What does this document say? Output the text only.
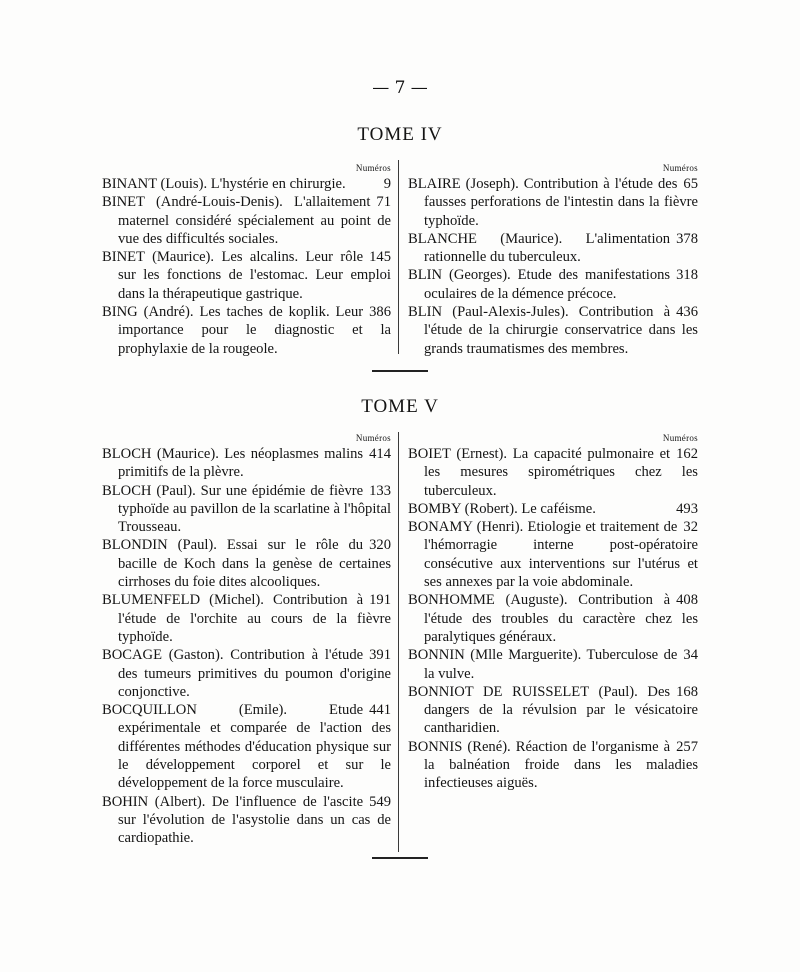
— 7 —
TOME IV
Numéros
9
BINANT (Louis). L'hystérie en chirurgie.
71
BINET (André-Louis-Denis). L'allaitement maternel considéré spécialement au point de vue des difficultés sociales.
145
BINET (Maurice). Les alcalins. Leur rôle sur les fonctions de l'estomac. Leur emploi dans la thérapeutique gastrique.
386
BING (André). Les taches de koplik. Leur importance pour le diagnostic et la prophylaxie de la rougeole.
Numéros
65
BLAIRE (Joseph). Contribution à l'étude des fausses perforations de l'intestin dans la fièvre typhoïde.
378
BLANCHE (Maurice). L'alimentation rationnelle du tuberculeux.
318
BLIN (Georges). Etude des manifestations oculaires de la démence précoce.
436
BLIN (Paul-Alexis-Jules). Contribution à l'étude de la chirurgie conservatrice dans les grands traumatismes des membres.
TOME V
Numéros
414
BLOCH (Maurice). Les néoplasmes malins primitifs de la plèvre.
133
BLOCH (Paul). Sur une épidémie de fièvre typhoïde au pavillon de la scarlatine à l'hôpital Trousseau.
320
BLONDIN (Paul). Essai sur le rôle du bacille de Koch dans la genèse de certaines cirrhoses du foie dites alcooliques.
191
BLUMENFELD (Michel). Contribution à l'étude de l'orchite au cours de la fièvre typhoïde.
391
BOCAGE (Gaston). Contribution à l'étude des tumeurs primitives du poumon d'origine conjonctive.
441
BOCQUILLON (Emile). Etude expérimentale et comparée de l'action des différentes méthodes d'éducation physique sur le développement corporel et sur le développement de la force musculaire.
549
BOHIN (Albert). De l'influence de l'ascite sur l'évolution de l'asystolie dans un cas de cardiopathie.
Numéros
162
BOIET (Ernest). La capacité pulmonaire et les mesures spirométriques chez les tuberculeux.
493
BOMBY (Robert). Le caféisme.
32
BONAMY (Henri). Etiologie et traitement de l'hémorragie interne post-opératoire consécutive aux interventions sur l'utérus et ses annexes par la voie abdominale.
408
BONHOMME (Auguste). Contribution à l'étude des troubles du caractère chez les paralytiques généraux.
34
BONNIN (Mlle Marguerite). Tuberculose de la vulve.
168
BONNIOT DE RUISSELET (Paul). Des dangers de la révulsion par le vésicatoire cantharidien.
257
BONNIS (René). Réaction de l'organisme à la balnéation froide dans les maladies infectieuses aiguës.
